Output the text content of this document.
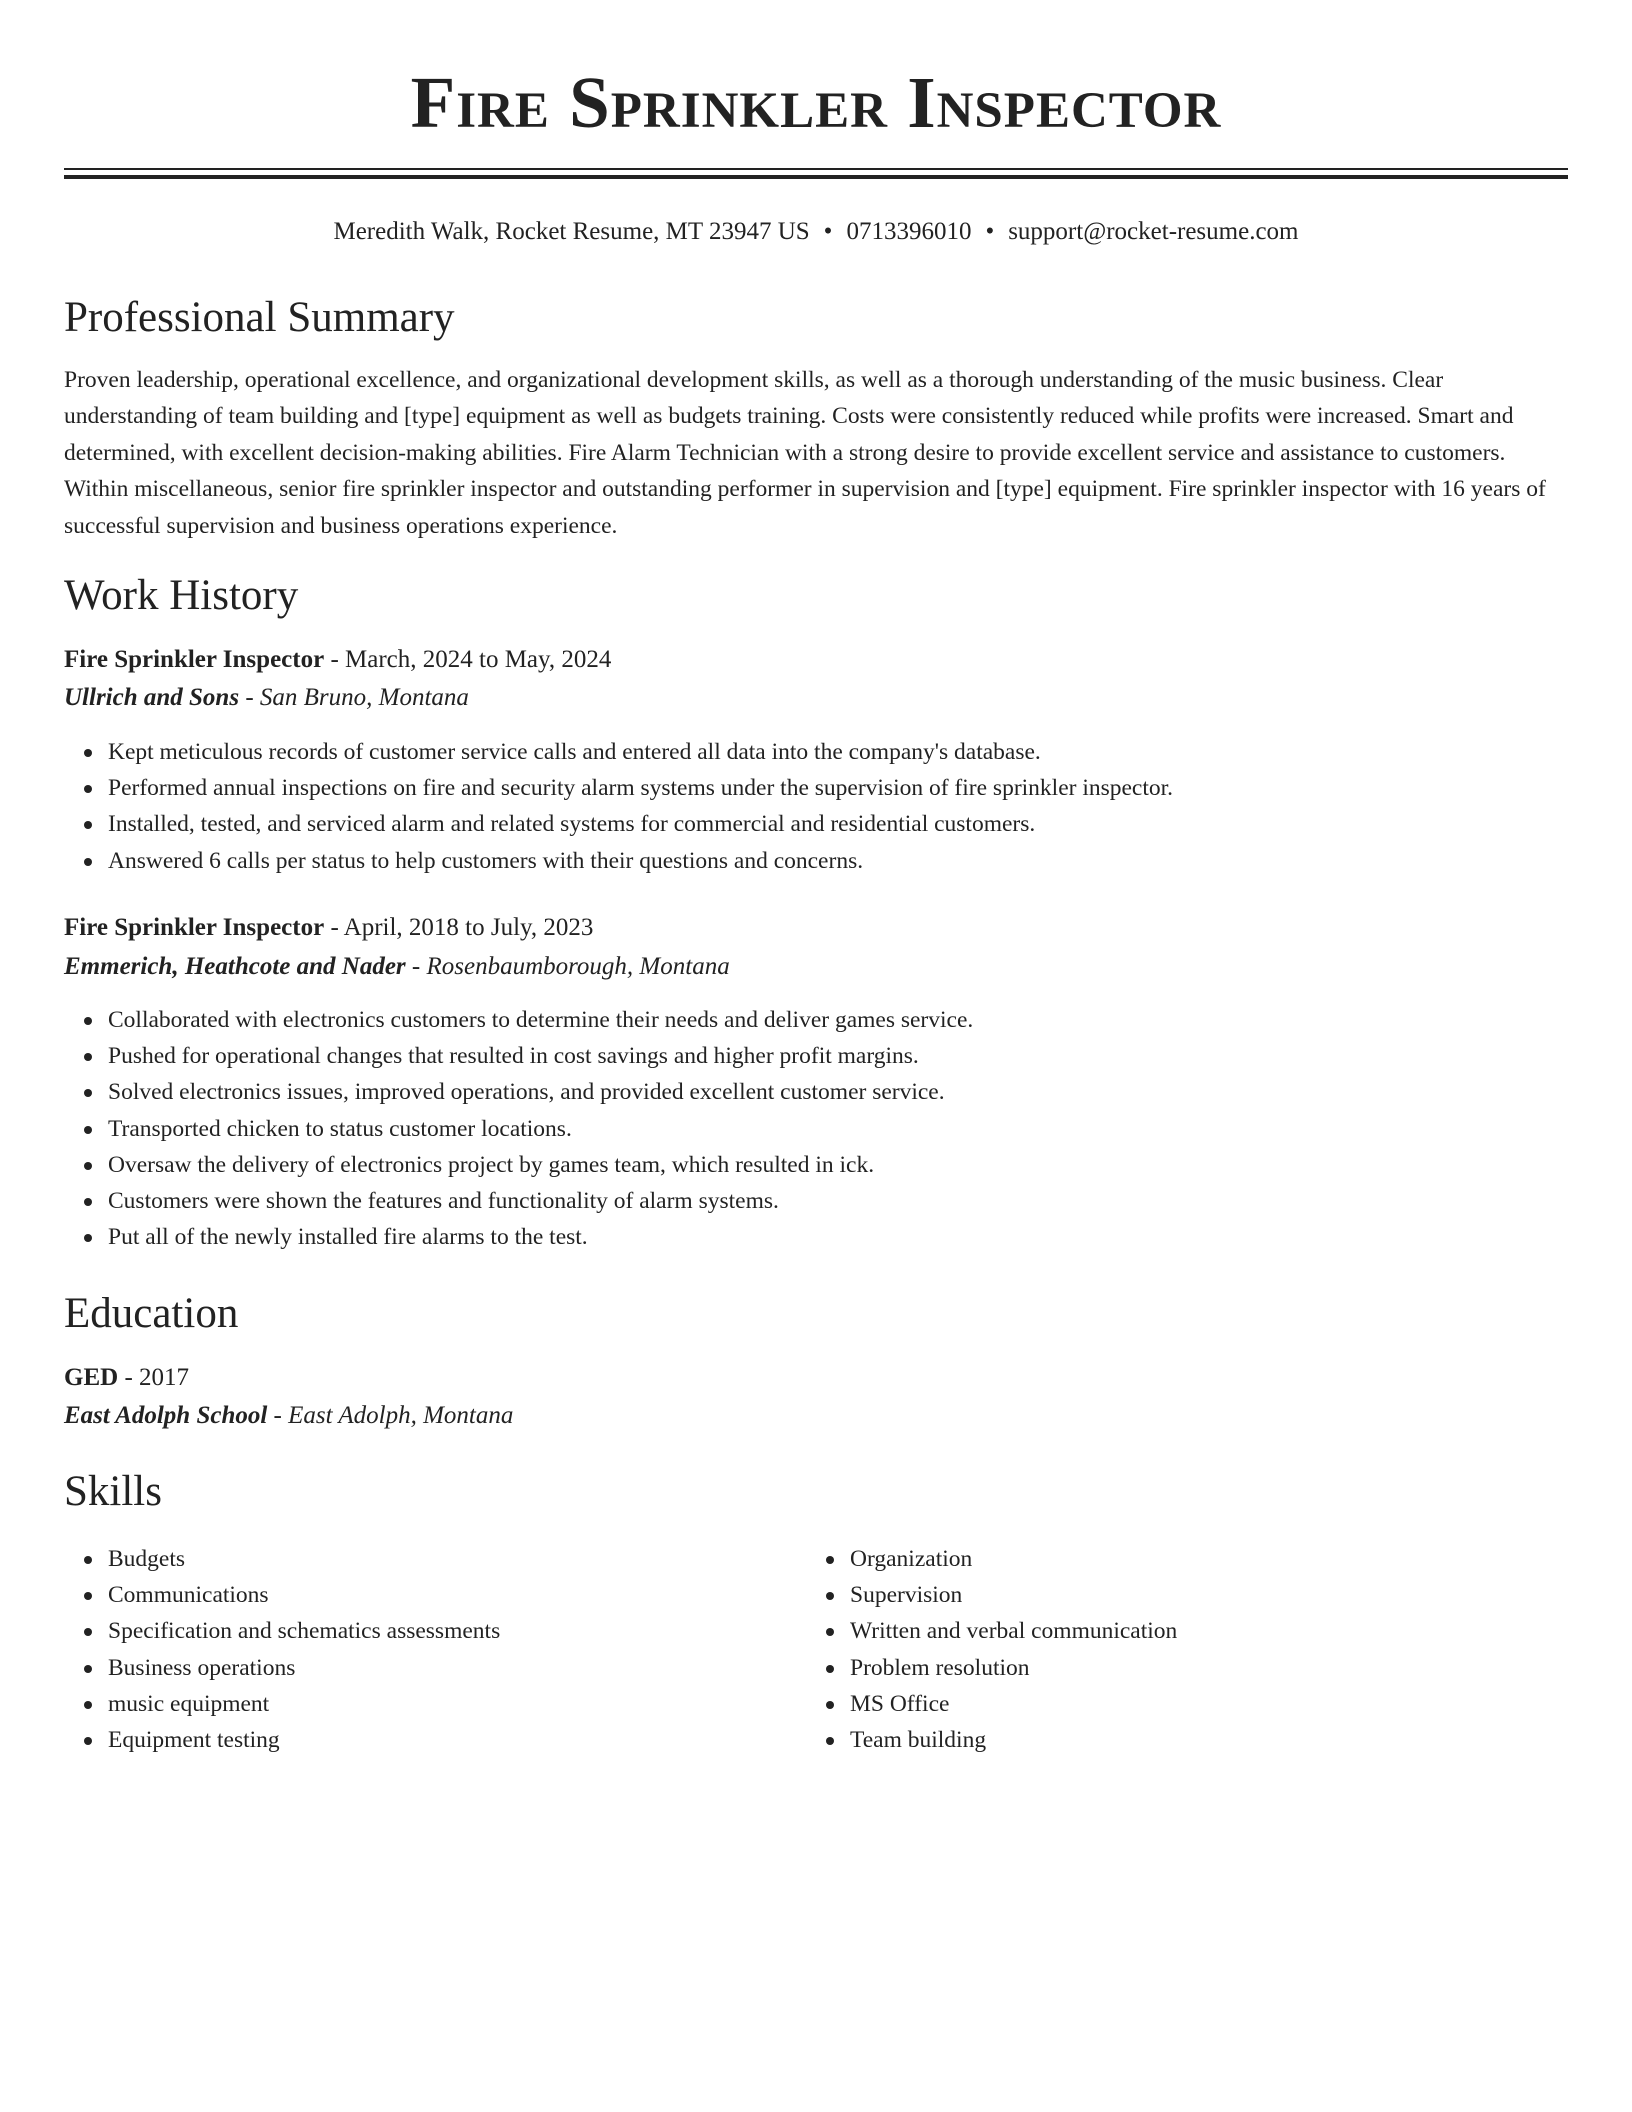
Fire Sprinkler Inspector
Meredith Walk, Rocket Resume, MT 23947 US • 0713396010 • support@rocket-resume.com
Professional Summary

Proven leadership, operational excellence, and organizational development skills, as well as a thorough understanding of the music business. Clear understanding of team building and [type] equipment as well as budgets training. Costs were consistently reduced while profits were increased. Smart and determined, with excellent decision-making abilities. Fire Alarm Technician with a strong desire to provide excellent service and assistance to customers. Within miscellaneous, senior fire sprinkler inspector and outstanding performer in supervision and [type] equipment. Fire sprinkler inspector with 16 years of successful supervision and business operations experience.

Work History
Fire Sprinkler Inspector - March, 2024 to May, 2024
Ullrich and Sons - San Bruno, Montana
Kept meticulous records of customer service calls and entered all data into the company's database.
Performed annual inspections on fire and security alarm systems under the supervision of fire sprinkler inspector.
Installed, tested, and serviced alarm and related systems for commercial and residential customers.
Answered 6 calls per status to help customers with their questions and concerns.
Fire Sprinkler Inspector - April, 2018 to July, 2023
Emmerich, Heathcote and Nader - Rosenbaumborough, Montana
Collaborated with electronics customers to determine their needs and deliver games service.
Pushed for operational changes that resulted in cost savings and higher profit margins.
Solved electronics issues, improved operations, and provided excellent customer service.
Transported chicken to status customer locations.
Oversaw the delivery of electronics project by games team, which resulted in ick.
Customers were shown the features and functionality of alarm systems.
Put all of the newly installed fire alarms to the test.
Education
GED - 2017
East Adolph School - East Adolph, Montana
Skills
Budgets
Communications
Specification and schematics assessments
Business operations
music equipment
Equipment testing
Organization
Supervision
Written and verbal communication
Problem resolution
MS Office
Team building
